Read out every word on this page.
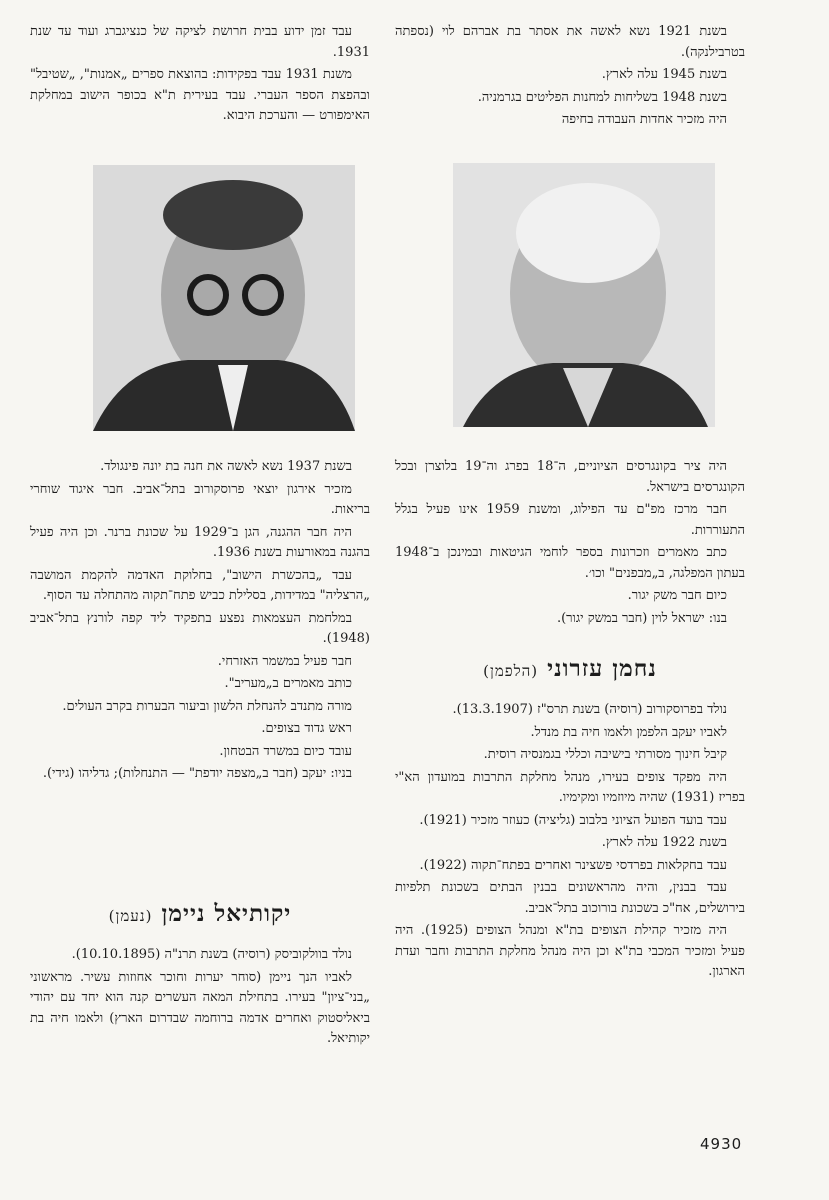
בשנת 1921 נשא לאשה את אסתר בת אברהם לוי (נספתה בטרבילנקה).

בשנת 1945 עלה לארץ.

בשנת 1948 בשליחות למחנות הפליטים בגרמניה.

היה מזכיר אחדות העבודה בחיפה

עבד זמן ידוע בבית חרושת לציקה של כנציגברג ועוד עד שנת 1931.

משנת 1931 עבד בפקידות: בהוצאת ספרים „אמנות", „שטיבל" ובהפצת הספר העברי. עבד בעירית ת"א בכופר הישוב במחלקת האימפורט — והערכת היבוא.

היה ציר בקונגרסים הציוניים, ה־18 בפרג וה־19 בלוצרן ובכל הקונגרסים בישראל.

חבר מרכז מפ"ם עד הפילוג, ומשנת 1959 אינו פעיל בגלל התעוררות.

כתב מאמרים וזכרונות בספר לוחמי הגיטאות ובמינכן ב־1948 בעתון המפלגה, ב„מבפנים" וכו׳.

כיום חבר משק יגור.

בנו: ישראל לוין (חבר במשק יגור).

נחמן עזרוני (הלפמן)

נולד בפרוסקורוב (רוסיה) בשנת תרס"ז (13.3.1907).

לאביו יעקב הלפמן ולאמו חיה בת מנדל.

קיבל חינוך מסורתי בישיבה וכללי בגמנסיה רוסית.

היה מפקד צופים בעירו, מנהל מחלקת התרבות במועדון הא"י בפריז (1931) שהיה מיוזמיו ומקימיו.

עבד בועד הפועל הציוני בלבוב (גליציה) כעוזר מזכיר (1921).

בשנת 1922 עלה לארץ.

עבד בחקלאות בפרדסי פשצינר ואחרים בפתח־תקוה (1922).

עבד בבנין, והיה מהראשונים בבנין הבתים בשכונת תלפיות בירושלים, אח"כ בשכונת בורוכוב בתל־אביב.

היה מזכיר קהילת הצופים בת"א ומנהל הצופים (1925). היה פעיל ומזכיר המכבי בת"א וכן היה מנהל מחלקת התרבות וחבר ועדת הארגון.

בשנת 1937 נשא לאשה את חנה בת יונה פינגולד.

מזכיר אירגון יוצאי פרוסקורוב בתל־אביב. חבר איגוד שוחרי בריאות.

היה חבר ההגנה, הגן ב־1929 על שכונת ברנר. וכן היה פעיל בהגנה במאורעות בשנת 1936.

עבד „בהכשרת הישוב", בחלוקת האדמה להקמת המושבה „הרצליה" במדידות, בסלילת כביש פתח־תקוה מהתחלה עד הסוף.

במלחמת העצמאות נפצע בתפקיד ליד קפה לורנץ בתל־אביב (1948).

חבר פעיל במשמר האזרחי.

כותב מאמרים ב„מעריב".

מורה מתנדב להנחלת הלשון וביעור הבערות בקרב העולים.

ראש גדוד בצופים.

עובד כיום במשרד הבטחון.

בניו: יעקב (חבר ב„מצפה יודפת" — התנחלות); גדליהו (גידי).

יקותיאל ניימן (נעמן)

נולד בוולקוביסק (רוסיה) בשנת תרנ"ה (10.10.1895).

לאביו הנך ניימן (סוחר יערות וחוכר אחוזות עשיר. מראשוני „בני־ציון" בעירו. בתחילת המאה העשרים קנה הוא יחד עם יהודי ביאליסטוק ואחרים אדמה ברוחמה שבדרום הארץ) ולאמו חיה בת יקותיאל.

4930
